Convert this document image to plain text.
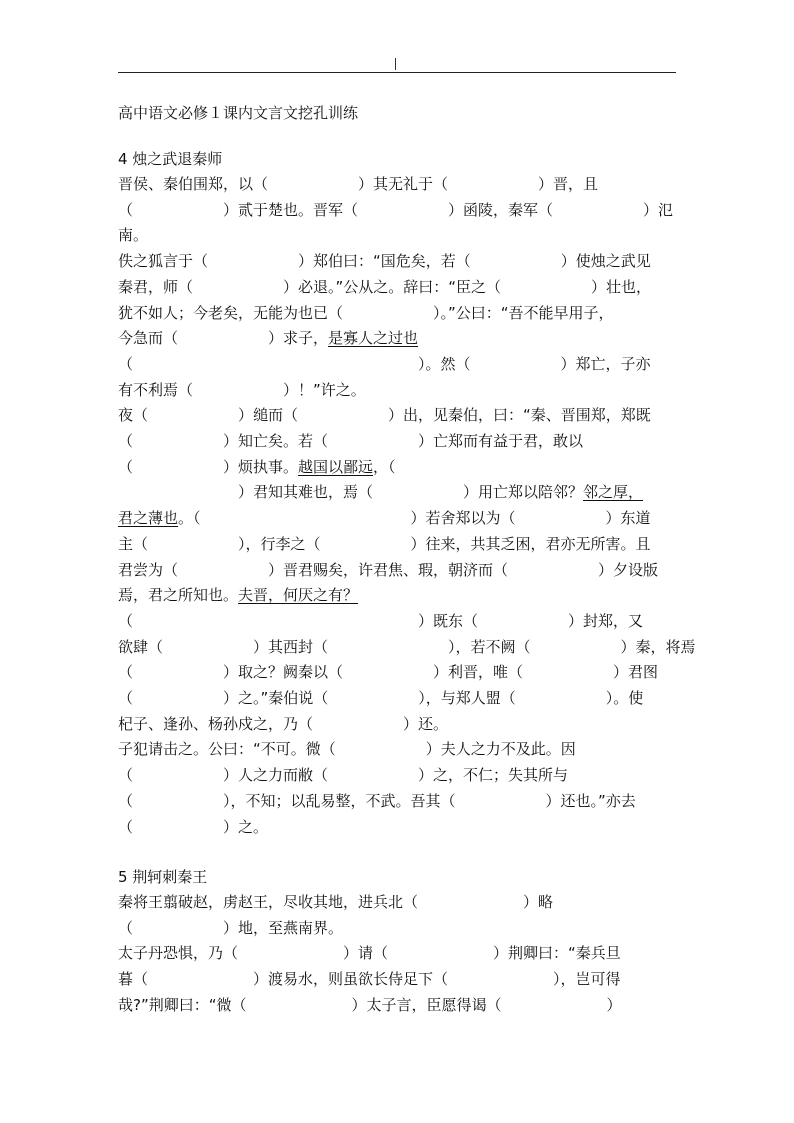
高中语文必修１课内文言文挖孔训练
4 烛之武退秦师
晋侯、秦伯围郑，以（　　　　　　）其无礼于（　　　　　　）晋，且
（　　　　　　）贰于楚也。晋军（　　　　　　）函陵，秦军（　　　　　　）氾
南。
佚之狐言于（　　　　　　）郑伯曰：“国危矣，若（　　　　　　）使烛之武见
秦君，师（　　　　　　）必退。”公从之。辞曰：“臣之（　　　　　　）壮也，
犹不如人；今老矣，无能为也已（　　　　　　）。”公曰：“吾不能早用子，
今急而（　　　　　　）求子，是寡人之过也
（　　　　　　　　　　　　　　　　　　　）。然（　　　　　　）郑亡，子亦
有不利焉（　　　　　　）！”许之。
夜（　　　　　　）缒而（　　　　　　）出，见秦伯，曰：“秦、晋围郑，郑既
（　　　　　　）知亡矣。若（　　　　　　）亡郑而有益于君，敢以
（　　　　　　）烦执事。越国以鄙远，（
　　　　　　　　）君知其难也，焉（　　　　　　）用亡郑以陪邻？邻之厚，
君之薄也。（　　　　　　　　　　　　　　）若舍郑以为（　　　　　　）东道
主（　　　　　　），行李之（　　　　　　）往来，共其乏困，君亦无所害。且
君尝为（　　　　　　）晋君赐矣，许君焦、瑕，朝济而（　　　　　　）夕设版
焉，君之所知也。夫晋，何厌之有？
（　　　　　　　　　　　　　　　　　　　）既东（　　　　　　）封郑，又
欲肆（　　　　　　）其西封（　　　　　　　　），若不阙（　　　　　　）秦，将焉
（　　　　　　）取之？阙秦以（　　　　　　）利晋，唯（　　　　　　）君图
（　　　　　　）之。”秦伯说（　　　　　　），与郑人盟（　　　　　　）。使
杞子、逢孙、杨孙戍之，乃（　　　　　　）还。
子犯请击之。公曰：“不可。微（　　　　　　）夫人之力不及此。因
（　　　　　　）人之力而敝（　　　　　　）之，不仁；失其所与
（　　　　　　），不知；以乱易整，不武。吾其（　　　　　　）还也。”亦去
（　　　　　　）之。
5 荆轲刺秦王
秦将王翦破赵，虏赵王，尽收其地，进兵北（　　　　　　　）略
（　　　　　　）地，至燕南界。
太子丹恐惧，乃（　　　　　　　）请（　　　　　　　）荆卿曰：“秦兵旦
暮（　　　　　　　）渡易水，则虽欲长侍足下（　　　　　　　），岂可得
哉?”荆卿曰：“微（　　　　　　　）太子言，臣愿得谒（　　　　　　　）
